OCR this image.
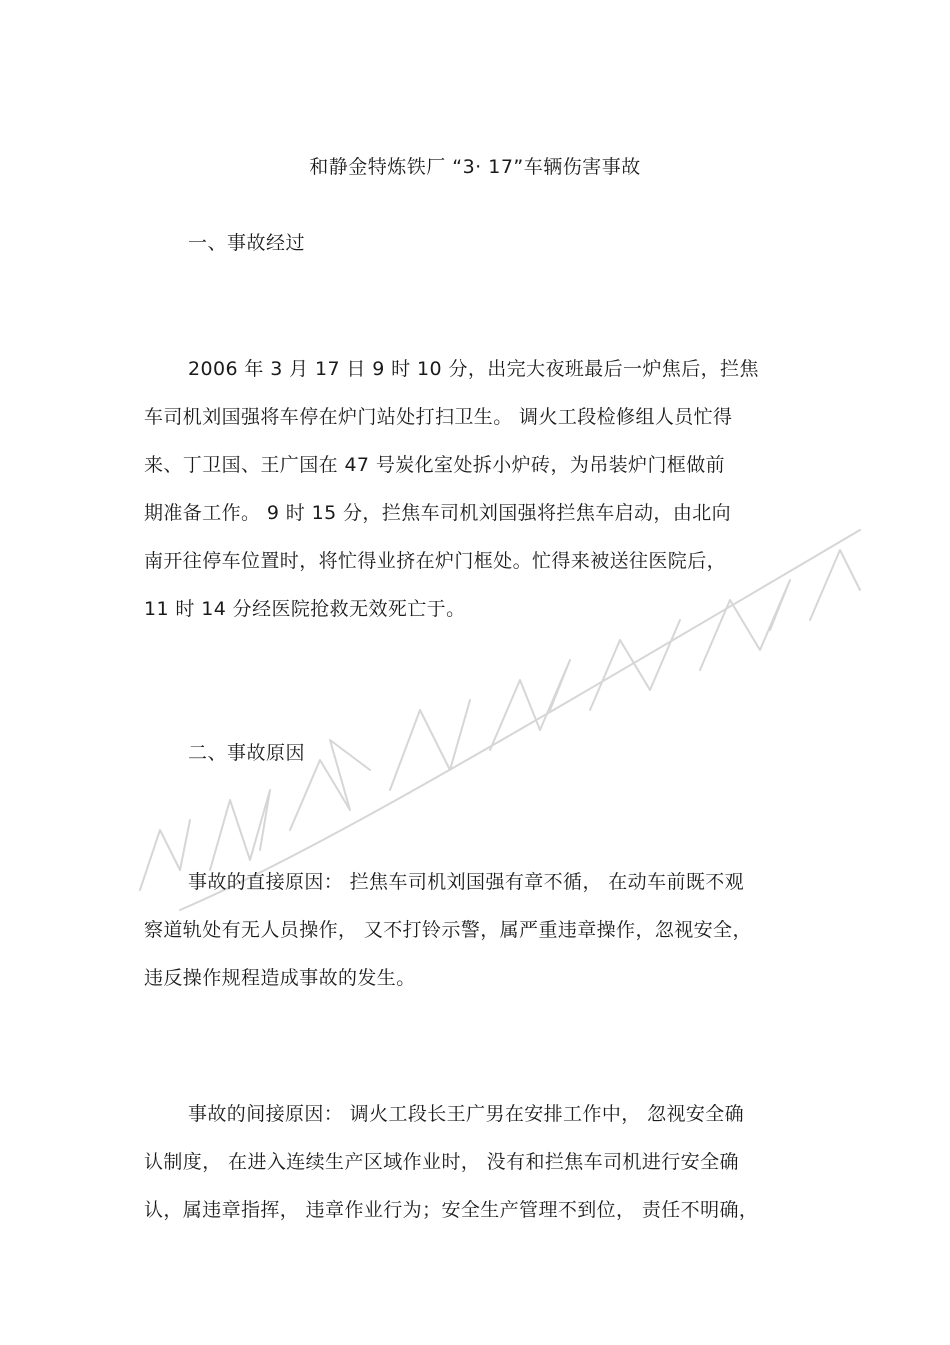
和静金特炼铁厂 “3· 17”车辆伤害事故
一、事故经过
2006 年 3 月 17 日 9 时 10 分，出完大夜班最后一炉焦后，拦焦
车司机刘国强将车停在炉门站处打扫卫生。 调火工段检修组人员忙得
来、丁卫国、王广国在 47 号炭化室处拆小炉砖，为吊装炉门框做前
期准备工作。 9 时 15 分，拦焦车司机刘国强将拦焦车启动，由北向
南开往停车位置时，将忙得业挤在炉门框处。忙得来被送往医院后，
11 时 14 分经医院抢救无效死亡于。
二、事故原因
事故的直接原因： 拦焦车司机刘国强有章不循， 在动车前既不观
察道轨处有无人员操作， 又不打铃示警，属严重违章操作，忽视安全，
违反操作规程造成事故的发生。
事故的间接原因： 调火工段长王广男在安排工作中， 忽视安全确
认制度， 在进入连续生产区域作业时， 没有和拦焦车司机进行安全确
认，属违章指挥， 违章作业行为；安全生产管理不到位， 责任不明确，
